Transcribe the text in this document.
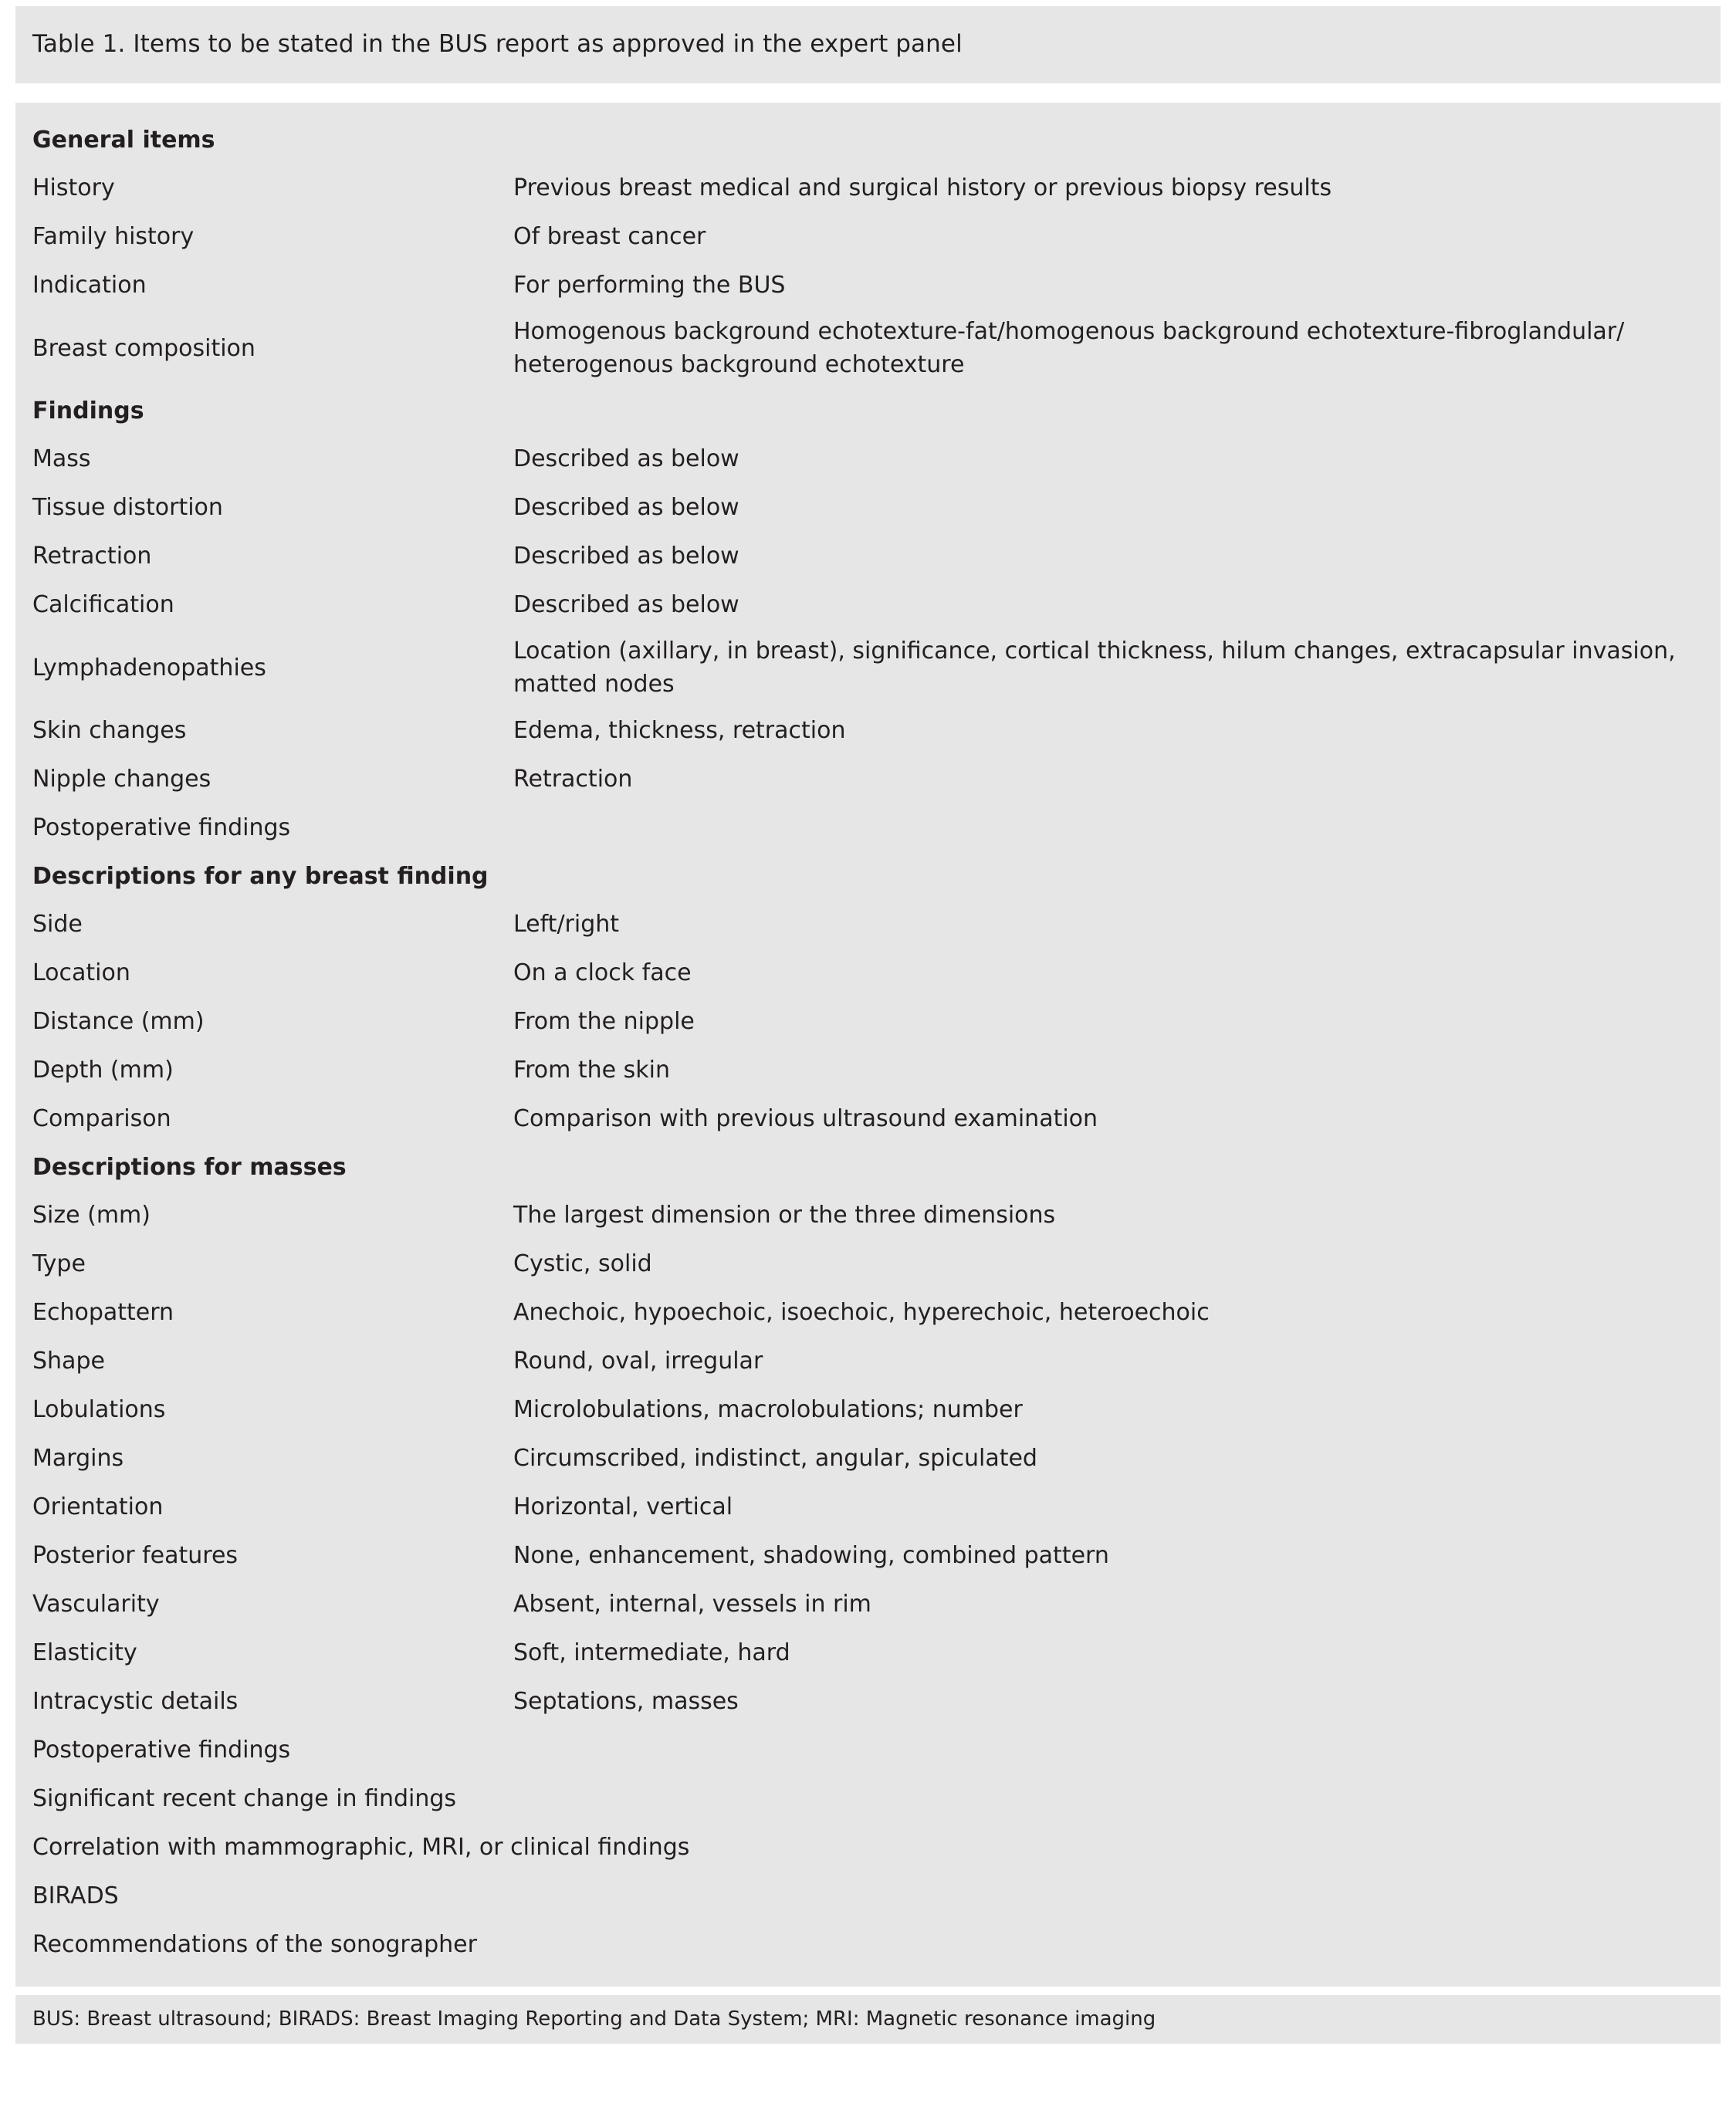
Table 1. Items to be stated in the BUS report as approved in the expert panel
General items	
History	Previous breast medical and surgical history or previous biopsy results
Family history	Of breast cancer
Indication	For performing the BUS
Breast composition	Homogenous background echotexture-fat/homogenous background echotexture-fibroglandular/ heterogenous background echotexture
Findings	
Mass	Described as below
Tissue distortion	Described as below
Retraction	Described as below
Calcification	Described as below
Lymphadenopathies	Location (axillary, in breast), significance, cortical thickness, hilum changes, extracapsular invasion, matted nodes
Skin changes	Edema, thickness, retraction
Nipple changes	Retraction
Postoperative findings	
Descriptions for any breast finding	
Side	Left/right
Location	On a clock face
Distance (mm)	From the nipple
Depth (mm)	From the skin
Comparison	Comparison with previous ultrasound examination
Descriptions for masses	
Size (mm)	The largest dimension or the three dimensions
Type	Cystic, solid
Echopattern	Anechoic, hypoechoic, isoechoic, hyperechoic, heteroechoic
Shape	Round, oval, irregular
Lobulations	Microlobulations, macrolobulations; number
Margins	Circumscribed, indistinct, angular, spiculated
Orientation	Horizontal, vertical
Posterior features	None, enhancement, shadowing, combined pattern
Vascularity	Absent, internal, vessels in rim
Elasticity	Soft, intermediate, hard
Intracystic details	Septations, masses
Postoperative findings	
Significant recent change in findings	
Correlation with mammographic, MRI, or clinical findings	
BIRADS	
Recommendations of the sonographer	
BUS: Breast ultrasound; BIRADS: Breast Imaging Reporting and Data System; MRI: Magnetic resonance imaging
